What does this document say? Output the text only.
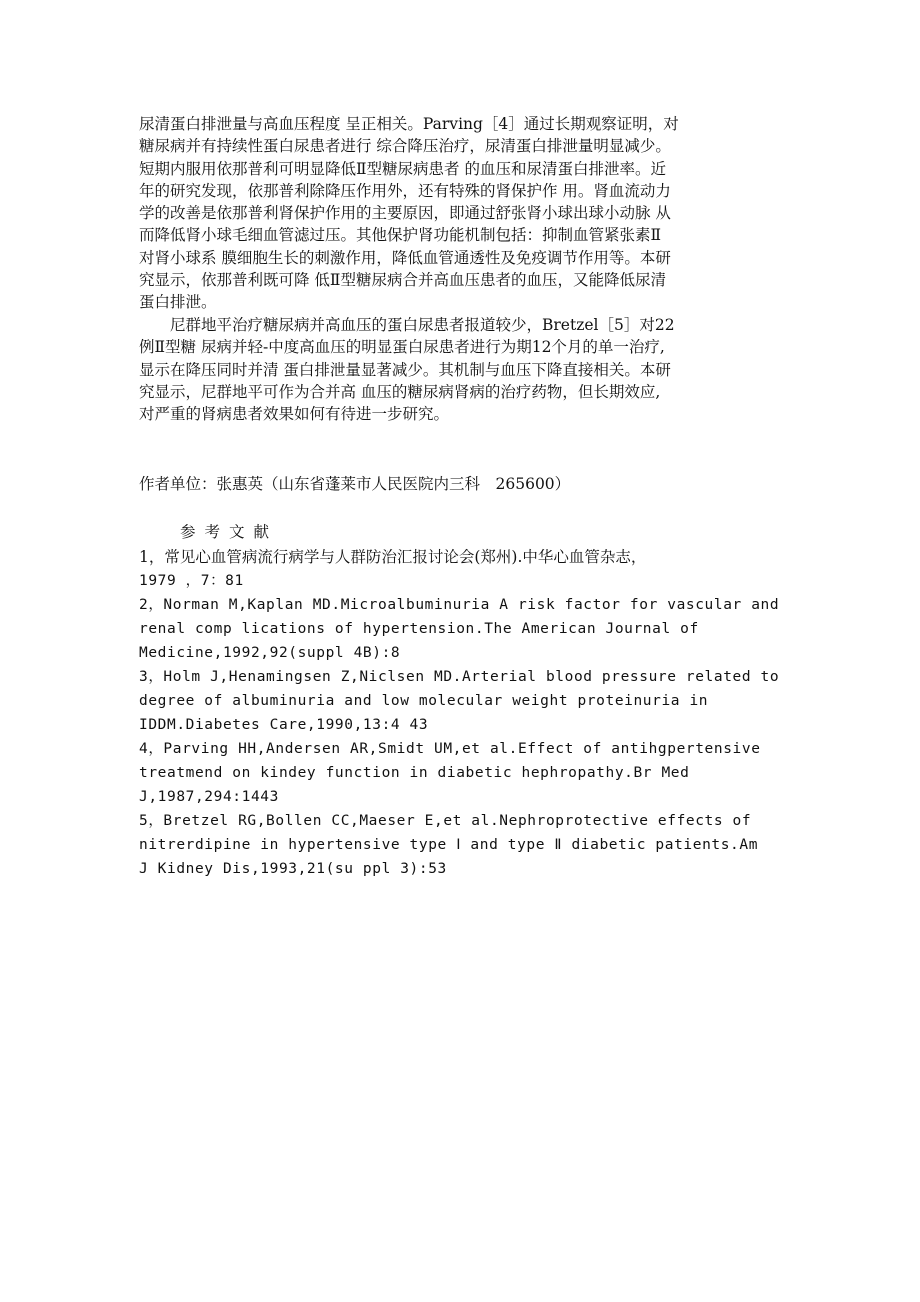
尿清蛋白排泄量与高血压程度 呈正相关。Parving［4］通过长期观察证明，对
糖尿病并有持续性蛋白尿患者进行 综合降压治疗，尿清蛋白排泄量明显减少。
短期内服用依那普利可明显降低Ⅱ型糖尿病患者 的血压和尿清蛋白排泄率。近
年的研究发现，依那普利除降压作用外，还有特殊的肾保护作 用。肾血流动力
学的改善是依那普利肾保护作用的主要原因，即通过舒张肾小球出球小动脉 从
而降低肾小球毛细血管滤过压。其他保护肾功能机制包括：抑制血管紧张素Ⅱ
对肾小球系 膜细胞生长的刺激作用，降低血管通透性及免疫调节作用等。本研
究显示，依那普利既可降 低Ⅱ型糖尿病合并高血压患者的血压，又能降低尿清
蛋白排泄。
　　尼群地平治疗糖尿病并高血压的蛋白尿患者报道较少，Bretzel［5］对22
例Ⅱ型糖 尿病并轻-中度高血压的明显蛋白尿患者进行为期12个月的单一治疗,
显示在降压同时并清 蛋白排泄量显著减少。其机制与血压下降直接相关。本研
究显示，尼群地平可作为合并高 血压的糖尿病肾病的治疗药物，但长期效应,
对严重的肾病患者效果如何有待进一步研究。
作者单位：张惠英（山东省蓬莱市人民医院内三科　265600）
参考文献
1，常见心血管病流行病学与人群防治汇报讨论会(郑州).中华心血管杂志，
1979 ，7：81
2，Norman M,Kaplan MD.Microalbuminuria A risk factor for vascular and
renal comp lications of hypertension.The American Journal of
Medicine,1992,92(suppl 4B):8
3，Holm J,Henamingsen Z,Niclsen MD.Arterial blood pressure related to
degree of albuminuria and low molecular weight proteinuria in
IDDM.Diabetes Care,1990,13:4 43
4，Parving HH,Andersen AR,Smidt UM,et al.Effect of antihgpertensive
treatmend on kindey function in diabetic hephropathy.Br Med
J,1987,294:1443
5，Bretzel RG,Bollen CC,Maeser E,et al.Nephroprotective effects of
nitrerdipine in hypertensive type Ⅰ and type Ⅱ diabetic patients.Am
J Kidney Dis,1993,21(su ppl 3):53
